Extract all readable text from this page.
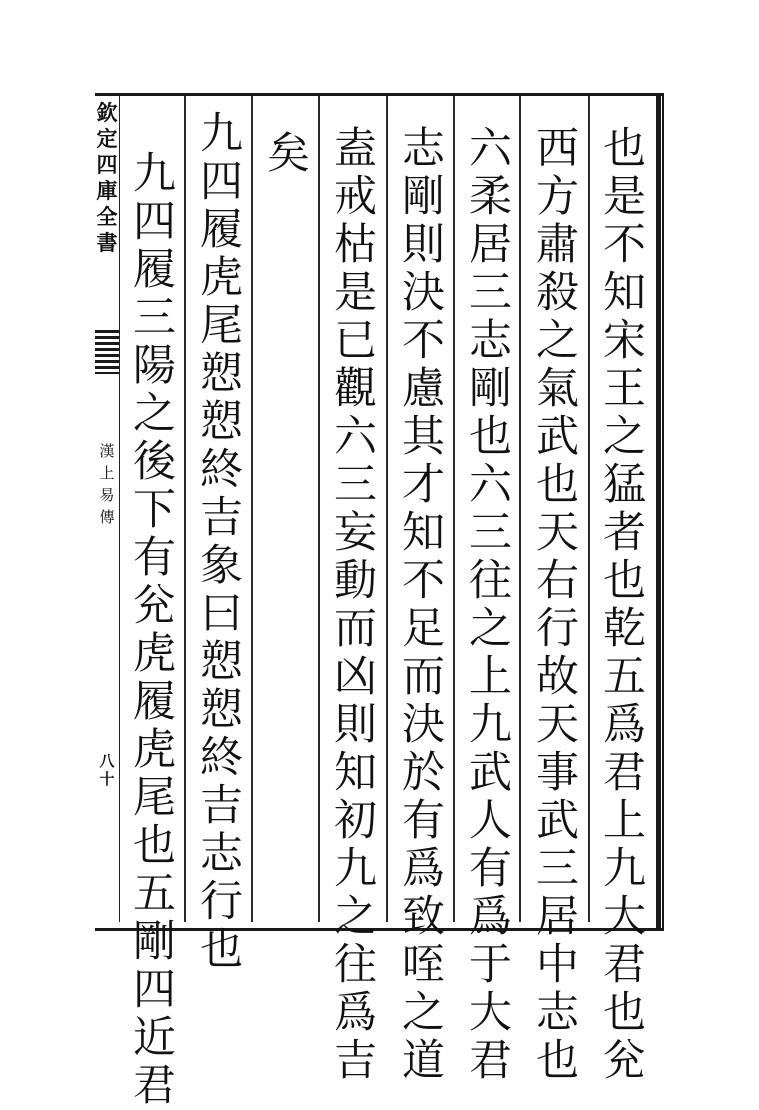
欽定四庫全書
漢上易傳
八十	也是不知宋王之猛者也乾五爲君上九大君也兊
西方肅殺之氣武也天右行故天事武三居中志也
六柔居三志剛也六三往之上九武人有爲于大君
志剛則決不慮其才知不足而決於有爲致咥之道
盍戒枯是已觀六三妄動而凶則知初九之往爲吉
矣
九四履虎尾愬愬終吉象曰愬愬終吉志行也
九四履三陽之後下有兊虎履虎尾也五剛四近君
